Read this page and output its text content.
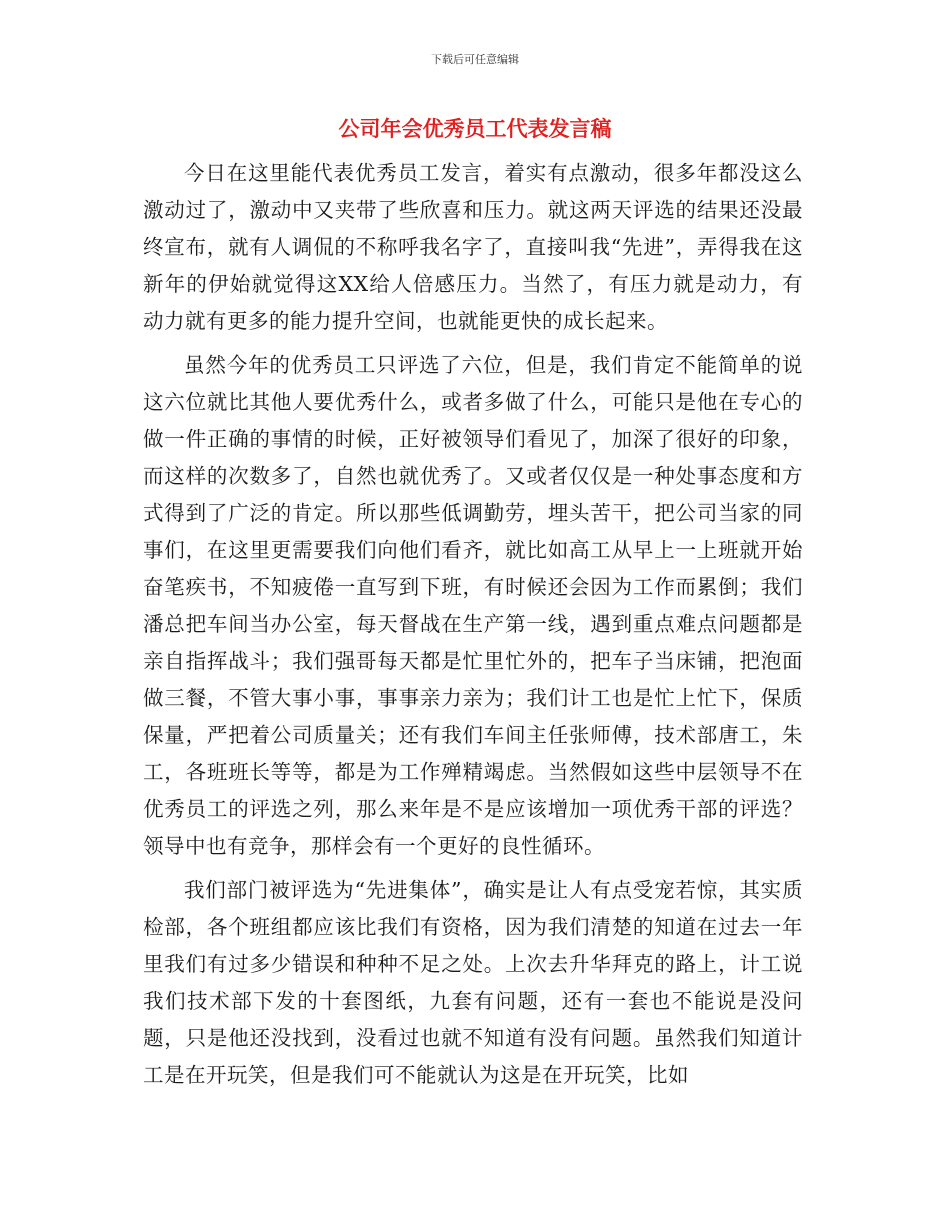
下载后可任意编辑
公司年会优秀员工代表发言稿

今日在这里能代表优秀员工发言，着实有点激动，很多年都没这么激动过了，激动中又夹带了些欣喜和压力。就这两天评选的结果还没最终宣布，就有人调侃的不称呼我名字了，直接叫我“先进”，弄得我在这新年的伊始就觉得这XX给人倍感压力。当然了，有压力就是动力，有动力就有更多的能力提升空间，也就能更快的成长起来。

虽然今年的优秀员工只评选了六位，但是，我们肯定不能简单的说这六位就比其他人要优秀什么，或者多做了什么，可能只是他在专心的做一件正确的事情的时候，正好被领导们看见了，加深了很好的印象，而这样的次数多了，自然也就优秀了。又或者仅仅是一种处事态度和方式得到了广泛的肯定。所以那些低调勤劳，埋头苦干，把公司当家的同事们，在这里更需要我们向他们看齐，就比如高工从早上一上班就开始奋笔疾书，不知疲倦一直写到下班，有时候还会因为工作而累倒；我们潘总把车间当办公室，每天督战在生产第一线，遇到重点难点问题都是亲自指挥战斗；我们强哥每天都是忙里忙外的，把车子当床铺，把泡面做三餐，不管大事小事，事事亲力亲为；我们计工也是忙上忙下，保质保量，严把着公司质量关；还有我们车间主任张师傅，技术部唐工，朱工，各班班长等等，都是为工作殚精竭虑。当然假如这些中层领导不在优秀员工的评选之列，那么来年是不是应该增加一项优秀干部的评选？领导中也有竞争，那样会有一个更好的良性循环。

我们部门被评选为“先进集体”，确实是让人有点受宠若惊，其实质检部，各个班组都应该比我们有资格，因为我们清楚的知道在过去一年里我们有过多少错误和种种不足之处。上次去升华拜克的路上，计工说我们技术部下发的十套图纸，九套有问题，还有一套也不能说是没问题，只是他还没找到，没看过也就不知道有没有问题。虽然我们知道计工是在开玩笑，但是我们可不能就认为这是在开玩笑，比如
